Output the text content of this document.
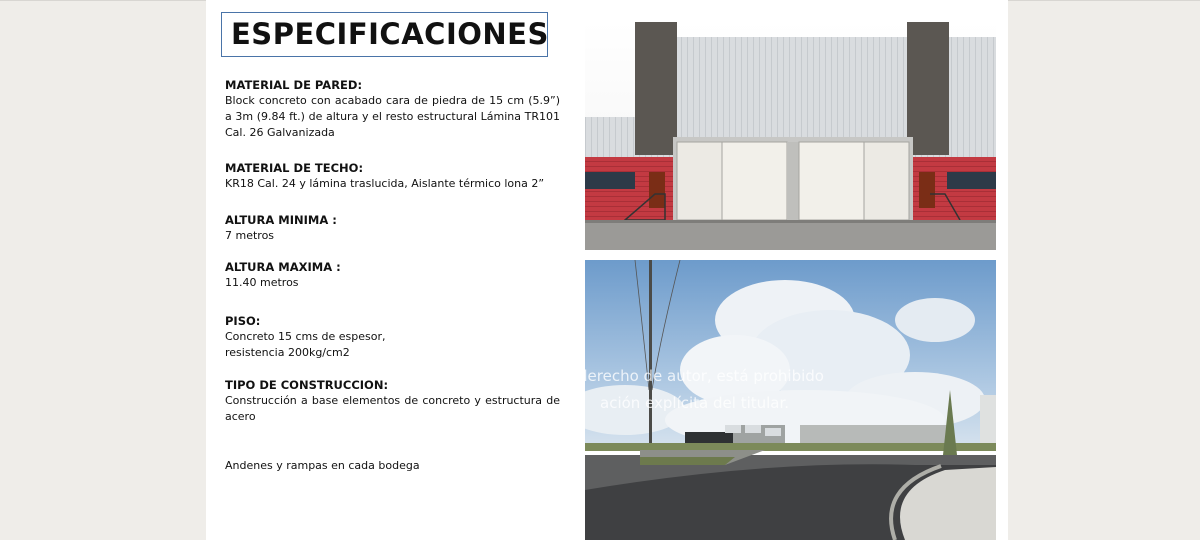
ESPECIFICACIONES
MATERIAL DE PARED:
Block concreto con acabado cara de piedra de 15 cm (5.9”) a 3m (9.84 ft.) de altura y el resto estructural Lámina TR101 Cal. 26 Galvanizada
MATERIAL DE TECHO:
KR18 Cal. 24 y lámina traslucida, Aislante térmico lona 2”
ALTURA MINIMA :
7 metros
ALTURA MAXIMA :
11.40 metros
PISO:
Concreto 15 cms de espesor, resistencia 200kg/cm2
TIPO DE CONSTRUCCION:
Construcción a base elementos de concreto y estructura de acero
Andenes y rampas en cada bodega
derecho de autor, está prohibido
ación explícita del titular.
